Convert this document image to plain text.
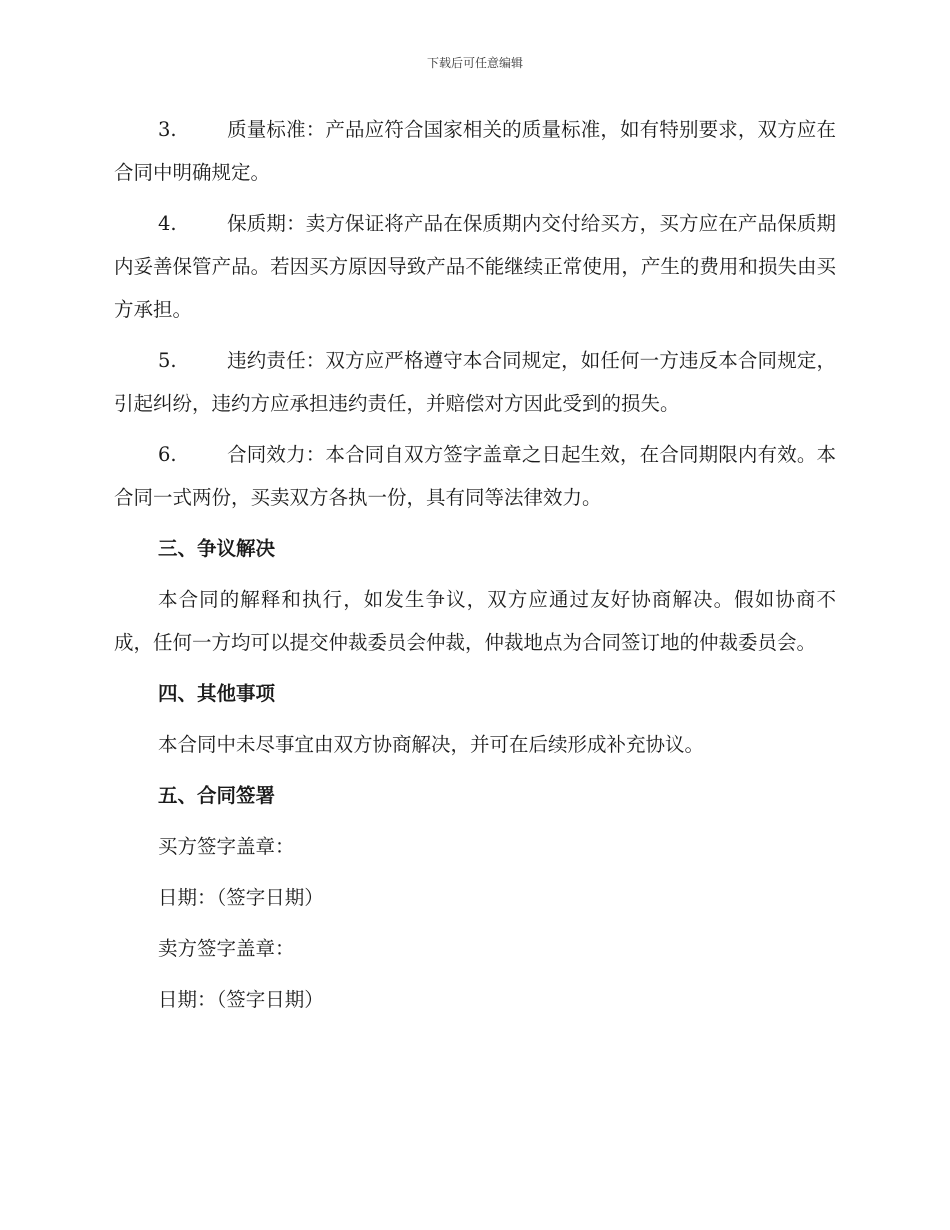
下载后可任意编辑
3.	质量标准：产品应符合国家相关的质量标准，如有特别要求，双方应在合同中明确规定。
4.	保质期：卖方保证将产品在保质期内交付给买方，买方应在产品保质期内妥善保管产品。若因买方原因导致产品不能继续正常使用，产生的费用和损失由买方承担。
5.	违约责任：双方应严格遵守本合同规定，如任何一方违反本合同规定，引起纠纷，违约方应承担违约责任，并赔偿对方因此受到的损失。
6.	合同效力：本合同自双方签字盖章之日起生效，在合同期限内有效。本合同一式两份，买卖双方各执一份，具有同等法律效力。
三、争议解决
本合同的解释和执行，如发生争议，双方应通过友好协商解决。假如协商不成，任何一方均可以提交仲裁委员会仲裁，仲裁地点为合同签订地的仲裁委员会。
四、其他事项
本合同中未尽事宜由双方协商解决，并可在后续形成补充协议。
五、合同签署
买方签字盖章：
日期：（签字日期）
卖方签字盖章：
日期：（签字日期）
